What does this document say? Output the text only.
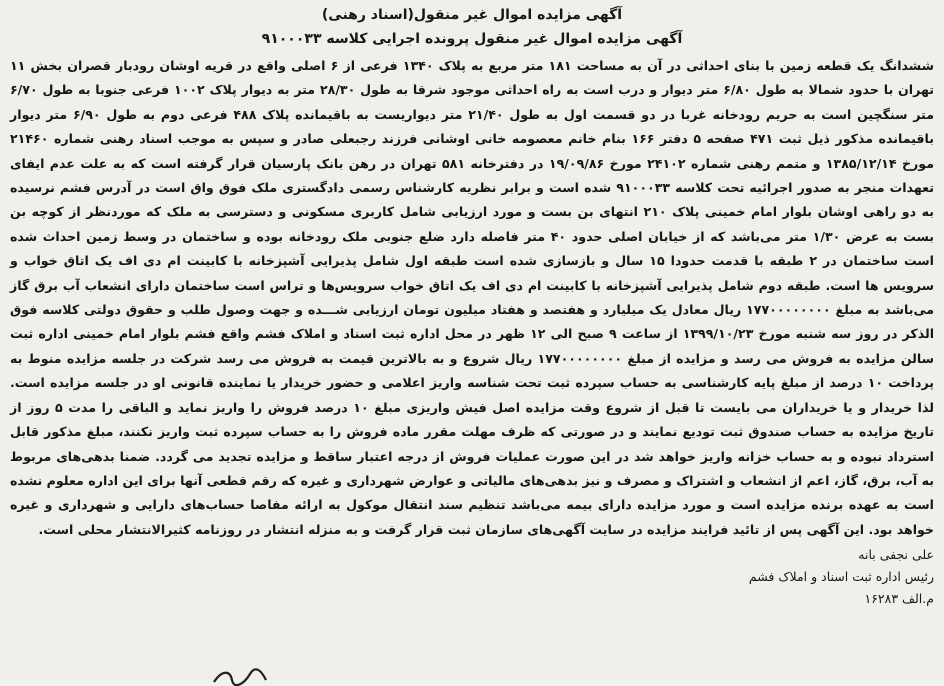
آگهی مزایده اموال غیر منقول(اسناد رهنی)
آگهی مزایده اموال غیر منقول پرونده اجرایی کلاسه ۹۱۰۰۰۳۳

ششدانگ یک قطعه زمین با بنای احداثی در آن به مساحت ۱۸۱ متر مربع به پلاک ۱۳۴۰ فرعی از ۶ اصلی واقع در قریه اوشان رودبار قصران بخش ۱۱ تهران با حدود شمالا به طول ۶/۸۰ متر دیوار و درب است به راه احداثی موجود شرقا به طول ۲۸/۳۰ متر به دیوار پلاک ۱۰۰۲ فرعی جنوبا به طول ۶/۷۰ متر سنگچین است به حریم رودخانه غربا در دو قسمت اول به طول ۲۱/۴۰ متر دیواریست به باقیمانده پلاک ۴۸۸ فرعی دوم به طول ۶/۹۰ متر دیوار باقیمانده مذکور ذیل ثبت ۴۷۱ صفحه ۵ دفتر ۱۶۶ بنام خانم معصومه خانی اوشانی فرزند رجبعلی صادر و سپس به موجب اسناد رهنی شماره ۲۱۴۶۰ مورخ ۱۳۸۵/۱۲/۱۴ و متمم رهنی شماره ۲۴۱۰۲ مورخ ۱۹/۰۹/۸۶ در دفترخانه ۵۸۱ تهران در رهن بانک پارسیان قرار گرفته است که به علت عدم ایفای تعهدات منجر به صدور اجرائیه تحت کلاسه ۹۱۰۰۰۳۳ شده است و برابر نظریه کارشناس رسمی دادگستری ملک فوق واق است در آدرس فشم نرسیده به دو راهی اوشان بلوار امام خمینی پلاک ۲۱۰ انتهای بن بست و مورد ارزیابی شامل کاربری مسکونی و دسترسی به ملک که موردنظر از کوچه بن بست به عرض ۱/۳۰ متر می‌باشد که از خیابان اصلی حدود ۴۰ متر فاصله دارد ضلع جنوبی ملک رودخانه بوده و ساختمان در وسط زمین احداث شده است ساختمان در ۲ طبقه با قدمت حدودا ۱۵ سال و بازسازی شده است طبقه اول شامل پذیرایی آشپزخانه با کابینت ام دی اف یک اتاق خواب و سرویس ها است. طبقه دوم شامل پذیرایی آشپزخانه با کابینت ام دی اف یک اتاق خواب سرویس‌ها و تراس است ساختمان دارای انشعاب آب برق گاز می‌باشد به مبلغ ۱۷۷۰۰۰۰۰۰۰۰ ریال معادل یک میلیارد و هفتصد و هفتاد میلیون تومان ارزیابی شـــده و جهت وصول طلب و حقوق دولتی کلاسه فوق الذکر در روز سه شنبه مورخ ۱۳۹۹/۱۰/۲۳ از ساعت ۹ صبح الی ۱۲ ظهر در محل اداره ثبت اسناد و املاک فشم واقع فشم بلوار امام خمینی اداره ثبت سالن مزایده به فروش می رسد و مزایده از مبلغ ۱۷۷۰۰۰۰۰۰۰۰ ریال شروع و به بالاترین قیمت به فروش می رسد شرکت در جلسه مزایده منوط به پرداخت ۱۰ درصد از مبلغ پایه کارشناسی به حساب سپرده ثبت تحت شناسه واریز اعلامی و حضور خریدار یا نماینده قانونی او در جلسه مزایده است. لذا خریدار و یا خریداران می بایست تا قبل از شروع وقت مزایده اصل فیش واریزی مبلغ ۱۰ درصد فروش را واریز نماید و الباقی را مدت ۵ روز از تاریخ مزایده به حساب صندوق ثبت تودیع نمایند و در صورتی که ظرف مهلت مقرر ماده فروش را به حساب سپرده ثبت واریز نکنند، مبلغ مذکور قابل استرداد نبوده و به حساب خزانه واریز خواهد شد در این صورت عملیات فروش از درجه اعتبار ساقط و مزایده تجدید می گردد. ضمنا بدهی‌های مربوط به آب، برق، گاز، اعم از انشعاب و اشتراک و مصرف و نیز بدهی‌های مالیاتی و عوارض شهرداری و غیره که رقم قطعی آنها برای این اداره معلوم نشده است به عهده برنده مزایده است و مورد مزایده دارای بیمه می‌باشد تنظیم سند انتقال موکول به ارائه مفاصا حساب‌های دارایی و شهرداری و غیره خواهد بود. این آگهی پس از تائید فرایند مزایده در سایت آگهی‌های سازمان ثبت قرار گرفت و به منزله انتشار در روزنامه کثیرالانتشار محلی است.

علی نجفی بانه
رئیس اداره ثبت اسناد و املاک فشم
م.الف ۱۶۲۸۳
